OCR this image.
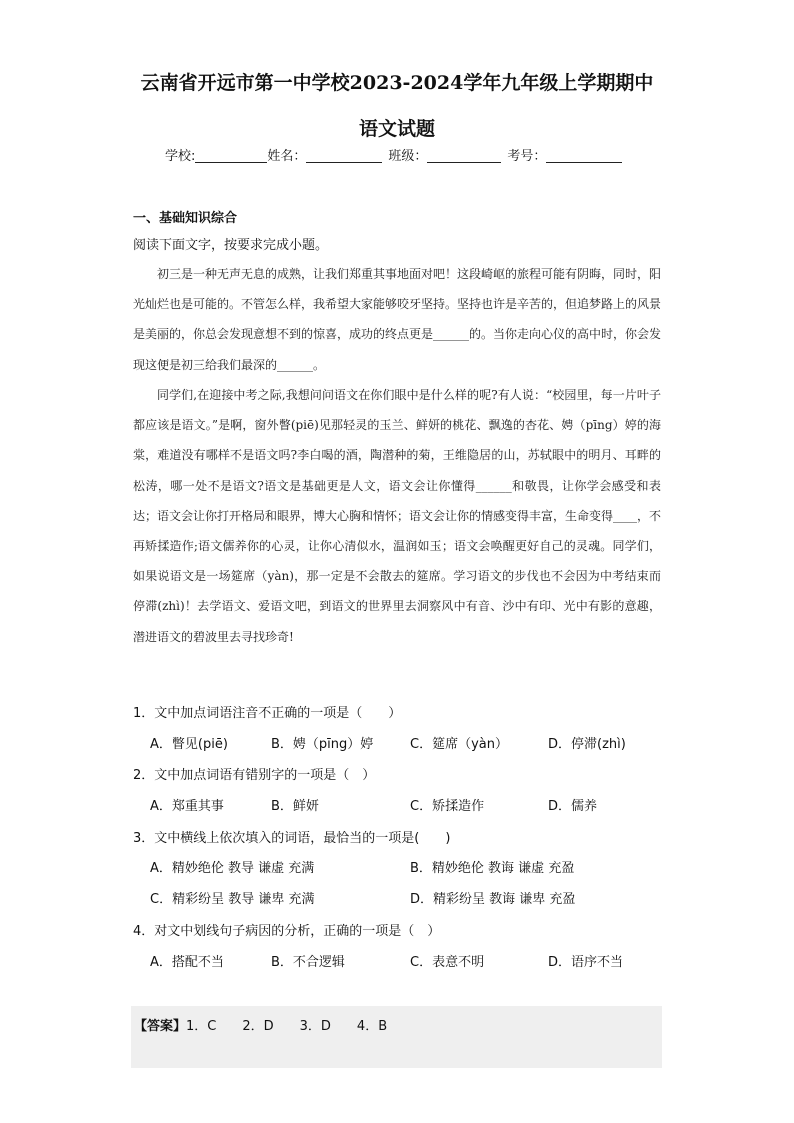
云南省开远市第一中学校2023-2024学年九年级上学期期中
语文试题
学校:	姓名：	班级：	考号：
一、基础知识综合
阅读下面文字，按要求完成小题。

初三是一种无声无息的成熟，让我们郑重其事地面对吧！这段崎岖的旅程可能有阴晦，同时，阳光灿烂也是可能的。不管怎么样，我希望大家能够咬牙坚持。坚持也许是辛苦的，但追梦路上的风景是美丽的，你总会发现意想不到的惊喜，成功的终点更是______的。当你走向心仪的高中时，你会发现这便是初三给我们最深的______。

同学们,在迎接中考之际,我想问问语文在你们眼中是什么样的呢?有人说：“校园里，每一片叶子都应该是语文。”是啊，窗外瞥(piē)见那轻灵的玉兰、鲜妍的桃花、飘逸的杏花、娉（pīng）婷的海棠，难道没有哪样不是语文吗?李白喝的酒，陶潜种的菊，王维隐居的山，苏轼眼中的明月、耳畔的松涛，哪一处不是语文?语文是基础更是人文，语文会让你懂得______和敬畏，让你学会感受和表达；语文会让你打开格局和眼界，博大心胸和情怀；语文会让你的情感变得丰富，生命变得____，不再矫揉造作;语文儒养你的心灵，让你心清似水，温润如玉；语文会唤醒更好自己的灵魂。同学们，如果说语文是一场筵席（yàn)，那一定是不会散去的筵席。学习语文的步伐也不会因为中考结束而停滞(zhì)！去学语文、爱语文吧，到语文的世界里去洞察风中有音、沙中有印、光中有影的意趣，潜进语文的碧波里去寻找珍奇!

1．文中加点词语注音不正确的一项是（　　）
A．瞥见(piē)	B．娉（pīng）婷	C．筵席（yàn）	D．停滞(zhì)
2．文中加点词语有错别字的一项是（　）
A．郑重其事	B．鲜妍	C．矫揉造作	D．儒养
3．文中横线上依次填入的词语，最恰当的一项是(　　)
A．精妙绝伦 教导 谦虚 充满	B．精妙绝伦 教诲 谦虚 充盈
C．精彩纷呈 教导 谦卑 充满	D．精彩纷呈 教诲 谦卑 充盈
4．对文中划线句子病因的分析，正确的一项是（　）
A．搭配不当	B．不合逻辑	C．表意不明	D．语序不当
【答案】1．C　　2．D　　3．D　　4．B
